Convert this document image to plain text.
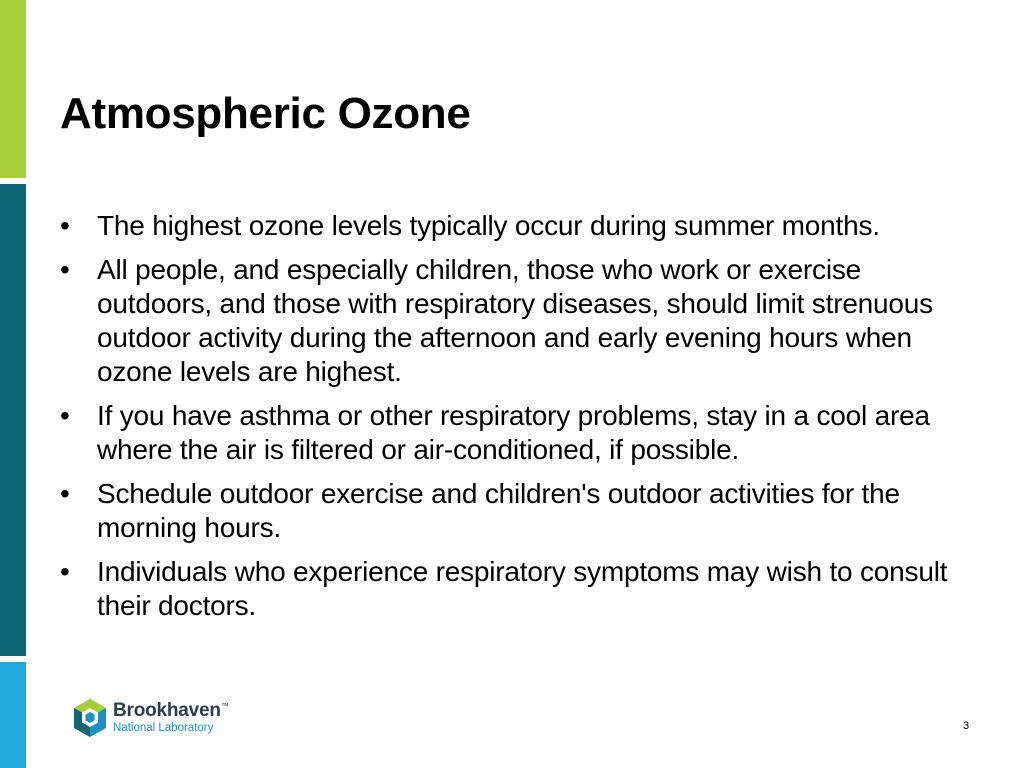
Atmospheric Ozone
• The highest ozone levels typically occur during summer months.
• All people, and especially children, those who work or exercise outdoors, and those with respiratory diseases, should limit strenuous outdoor activity during the afternoon and early evening hours when ozone levels are highest.
• If you have asthma or other respiratory problems, stay in a cool area where the air is filtered or air-conditioned, if possible.
• Schedule outdoor exercise and children's outdoor activities for the morning hours.
• Individuals who experience respiratory symptoms may wish to consult their doctors.
Brookhaven™
National Laboratory	3
